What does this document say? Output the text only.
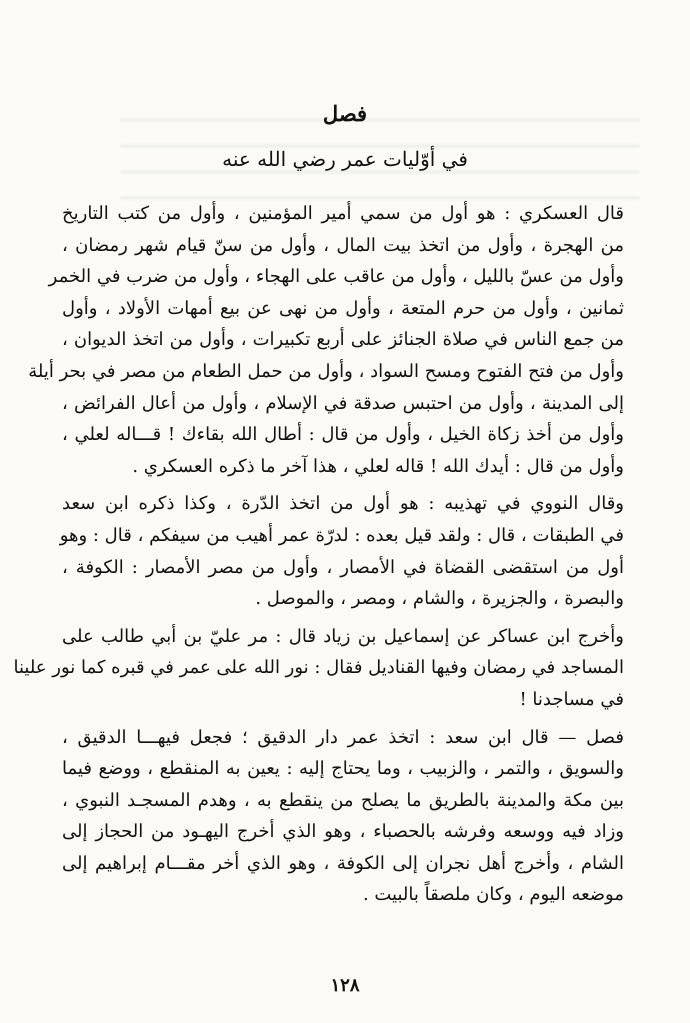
فصل
في أوّليات عمر رضي الله عنه
قال العسكري : هو أول من سمي أمير المؤمنين ، وأول من كتب التاريخ
من الهجرة ، وأول من اتخذ بيت المال ، وأول من سنّ قيام شهر رمضان ،
وأول من عسّ بالليل ، وأول من عاقب على الهجاء ، وأول من ضرب في الخمر
ثمانين ، وأول من حرم المتعة ، وأول من نهى عن بيع أمهات الأولاد ، وأول
من جمع الناس في صلاة الجنائز على أربع تكبيرات ، وأول من اتخذ الديوان ،
وأول من فتح الفتوح ومسح السواد ، وأول من حمل الطعام من مصر في بحر أيلة
إلى المدينة ، وأول من احتبس صدقة في الإسلام ، وأول من أعال الفرائض ،
وأول من أخذ زكاة الخيل ، وأول من قال : أطال الله بقاءك ! قـــاله لعلي ،
وأول من قال : أيدك الله ! قاله لعلي ، هذا آخر ما ذكره العسكري .
وقال النووي في تهذيبه : هو أول من اتخذ الدّرة ، وكذا ذكره ابن سعد
في الطبقات ، قال : ولقد قيل بعده : لدرّة عمر أهيب من سيفكم ، قال : وهو
أول من استقضى القضاة في الأمصار ، وأول من مصر الأمصار : الكوفة ،
والبصرة ، والجزيرة ، والشام ، ومصر ، والموصل .
وأخرج ابن عساكر عن إسماعيل بن زياد قال : مر عليّ بن أبي طالب على
المساجد في رمضان وفيها القناديل فقال : نور الله على عمر في قبره كما نور علينا
في مساجدنا !
فصل — قال ابن سعد : اتخذ عمر دار الدقيق ؛ فجعل فيهـــا الدقيق ،
والسويق ، والتمر ، والزبيب ، وما يحتاج إليه : يعين به المنقطع ، ووضع فيما
بين مكة والمدينة بالطريق ما يصلح من ينقطع به ، وهدم المسجـد النبوي ،
وزاد فيه ووسعه وفرشه بالحصباء ، وهو الذي أخرج اليهـود من الحجاز إلى
الشام ، وأخرج أهل نجران إلى الكوفة ، وهو الذي أخر مقـــام إبراهيم إلى
موضعه اليوم ، وكان ملصقاً بالبيت .
١٢٨
